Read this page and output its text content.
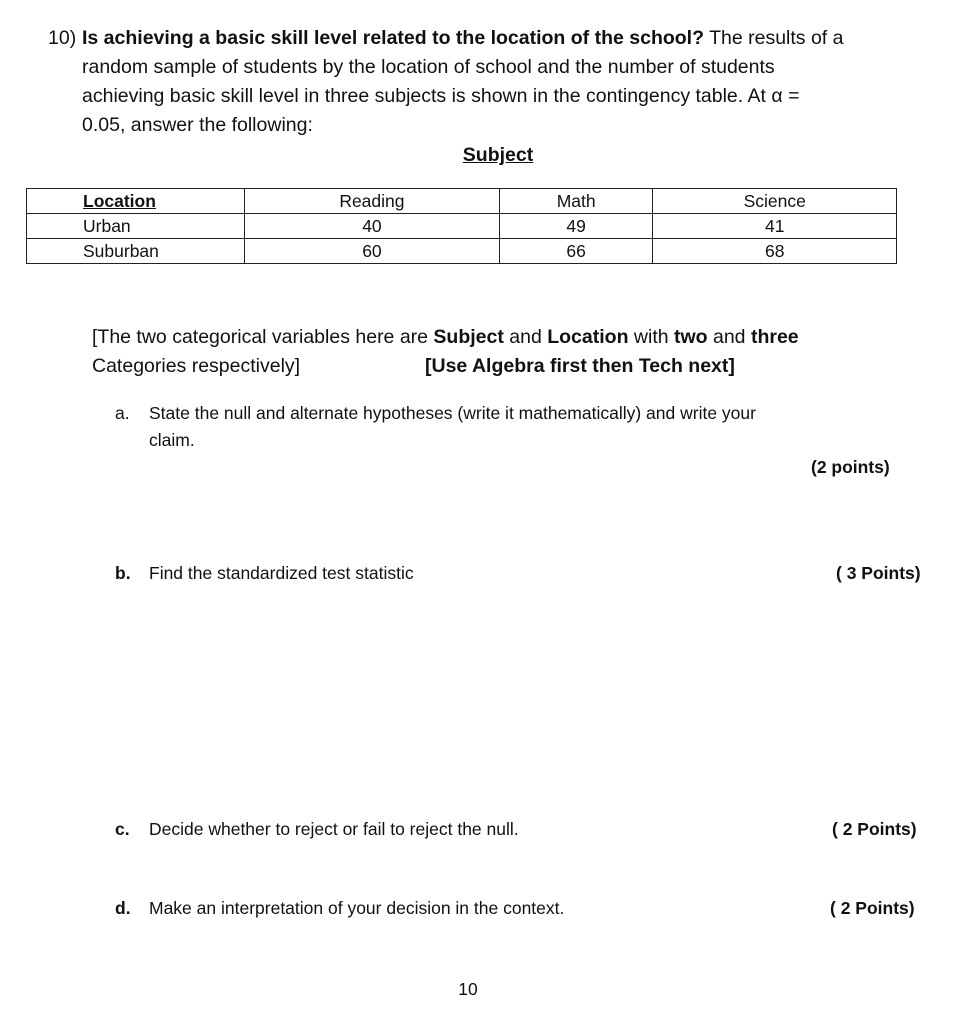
10) Is achieving a basic skill level related to the location of the school? The results of a
random sample of students by the location of school and the number of students
achieving basic skill level in three subjects is shown in the contingency table. At α =
0.05, answer the following:
Subject
Location	Reading	Math	Science
Urban	40	49	41
Suburban	60	66	68
[The two categorical variables here are Subject and Location with two and three
Categories respectively]	[Use Algebra first then Tech next]
a. State the null and alternate hypotheses (write it mathematically) and write your
claim.
(2 points)
b. Find the standardized test statistic	( 3 Points)
c. Decide whether to reject or fail to reject the null.	( 2 Points)
d. Make an interpretation of your decision in the context.	( 2 Points)
10
